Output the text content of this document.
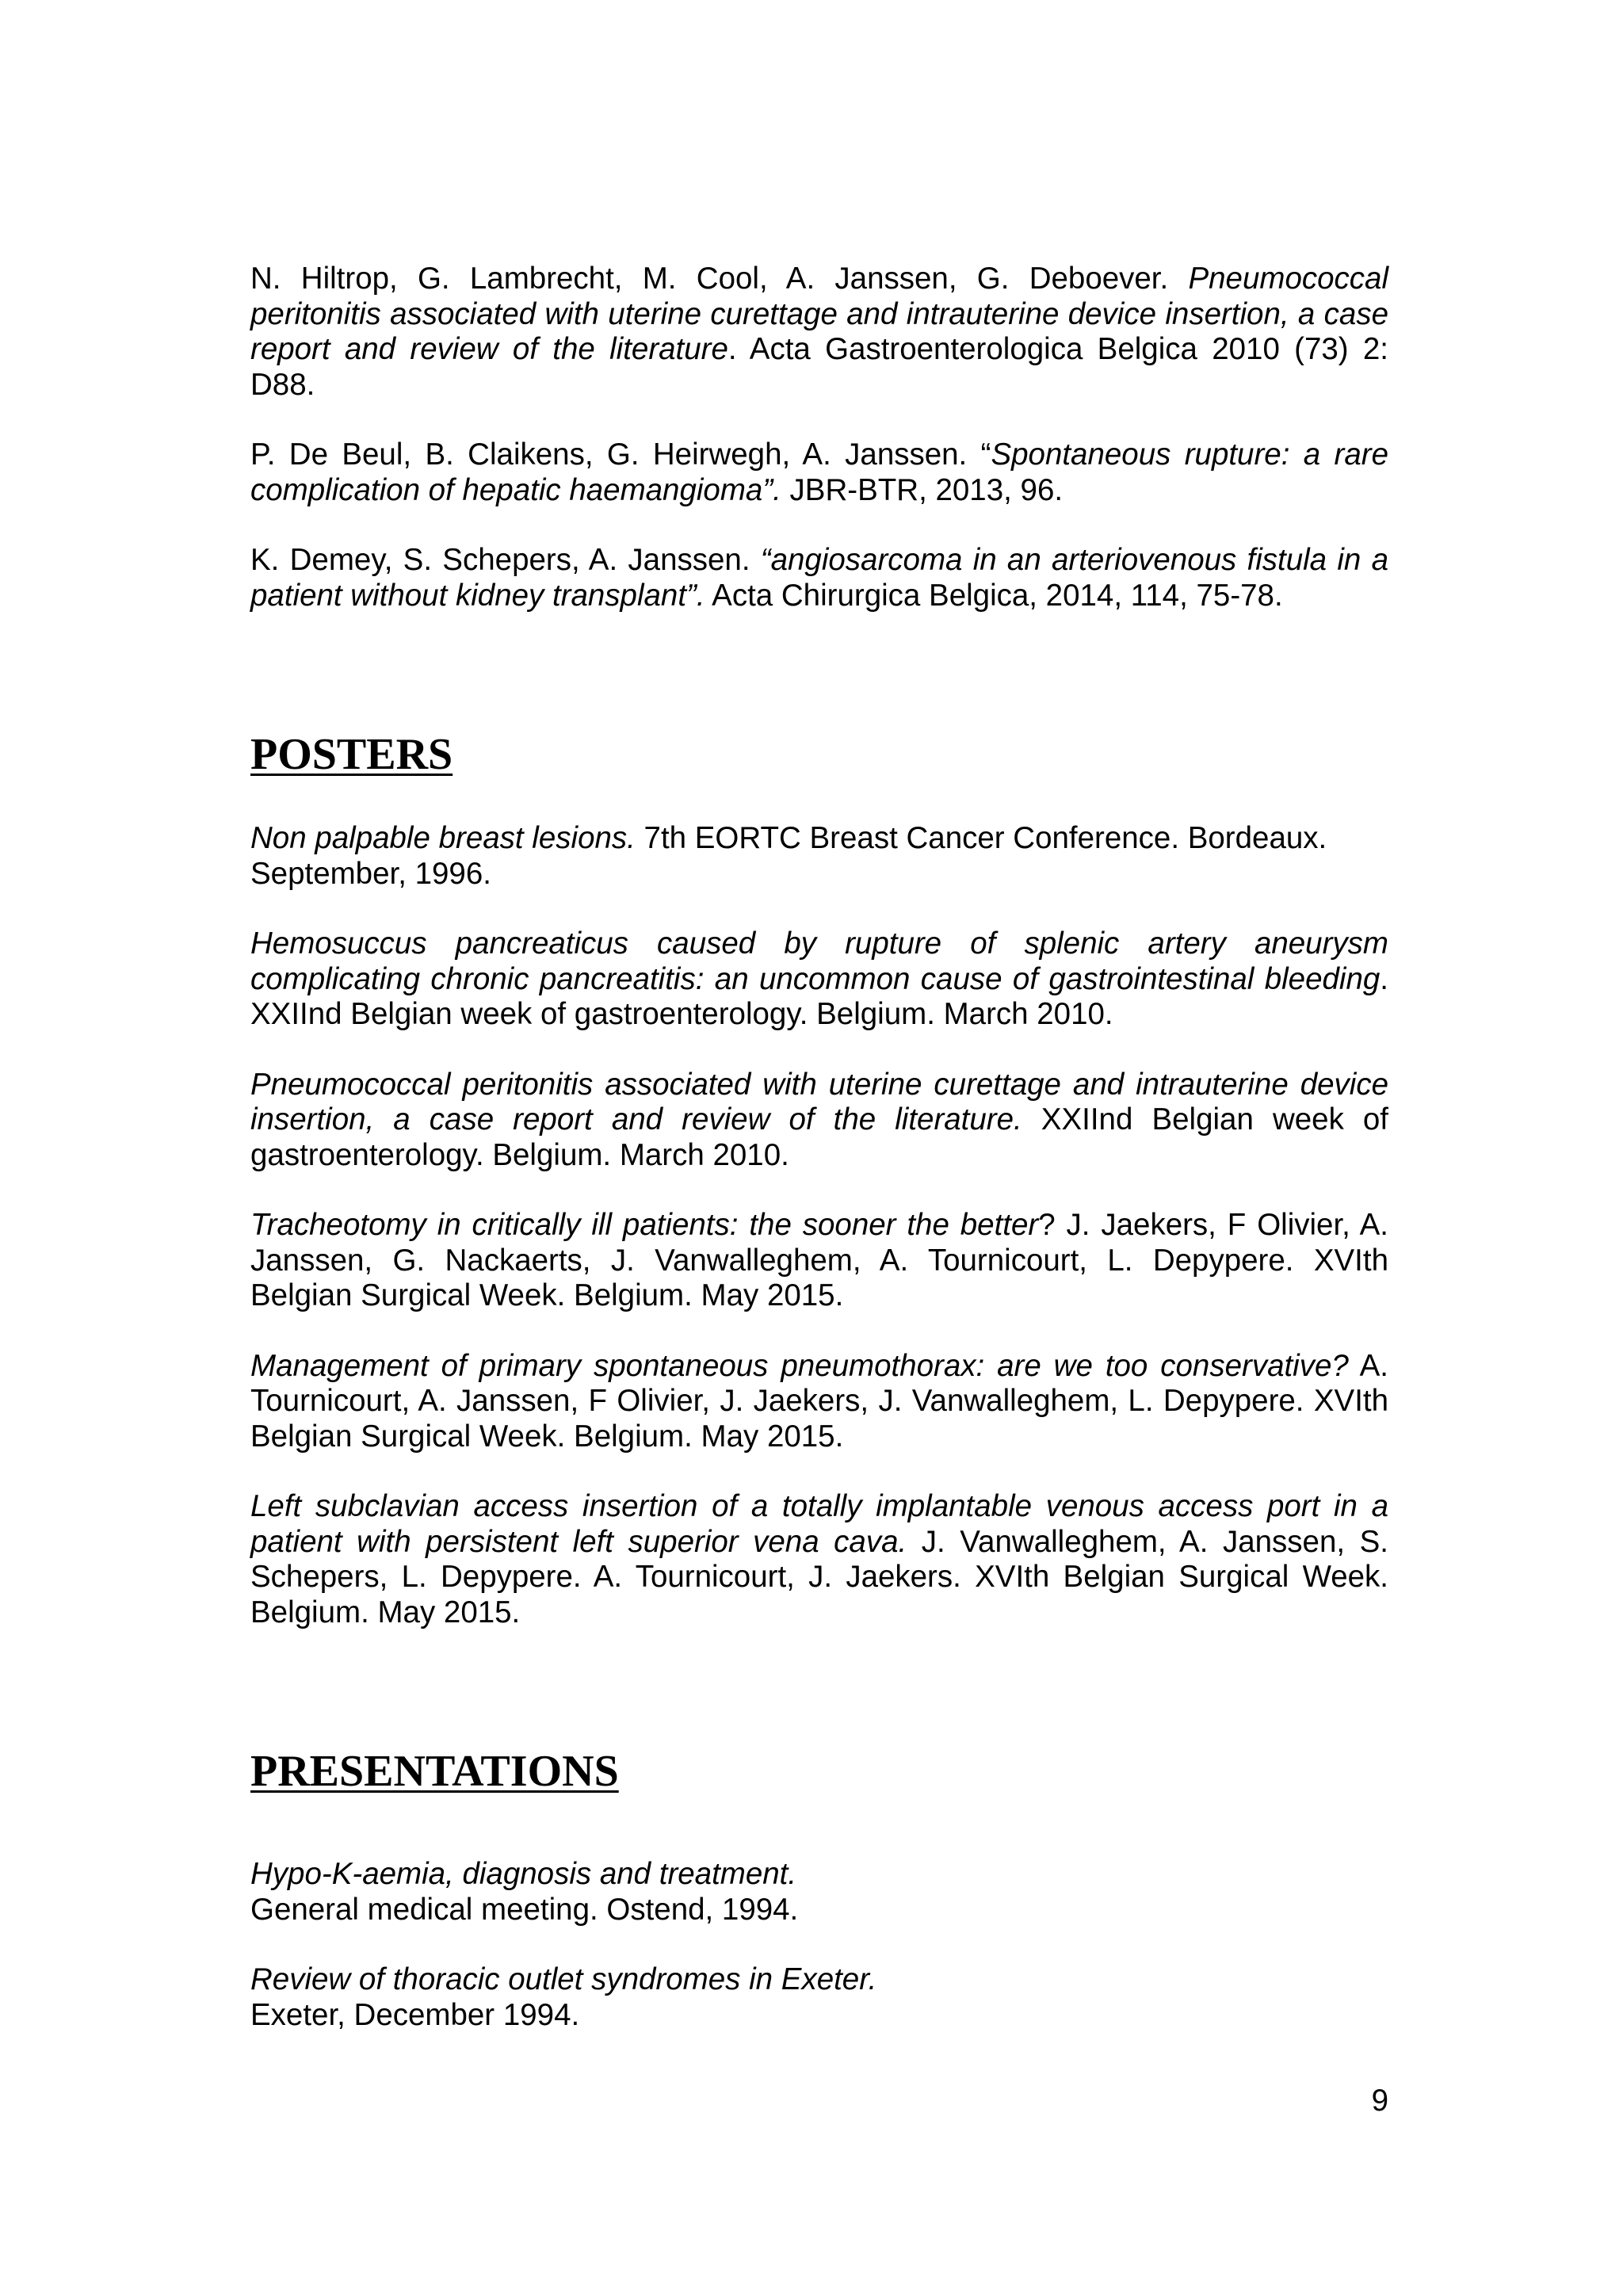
N. Hiltrop, G. Lambrecht, M. Cool, A. Janssen, G. Deboever. Pneumococcal peritonitis associated with uterine curettage and intrauterine device insertion, a case report and review of the literature. Acta Gastroenterologica Belgica 2010 (73) 2: D88.

P. De Beul, B. Claikens, G. Heirwegh, A. Janssen. “Spontaneous rupture: a rare complication of hepatic haemangioma”. JBR-BTR, 2013, 96.

K. Demey, S. Schepers, A. Janssen. “angiosarcoma in an arteriovenous fistula in a patient without kidney transplant”. Acta Chirurgica Belgica, 2014, 114, 75-78.

POSTERS

Non palpable breast lesions. 7th EORTC Breast Cancer Conference. Bordeaux. September, 1996.

Hemosuccus pancreaticus caused by rupture of splenic artery aneurysm complicating chronic pancreatitis: an uncommon cause of gastrointestinal bleeding. XXIInd Belgian week of gastroenterology. Belgium. March 2010.

Pneumococcal peritonitis associated with uterine curettage and intrauterine device insertion, a case report and review of the literature. XXIInd Belgian week of gastroenterology. Belgium. March 2010.

Tracheotomy in critically ill patients: the sooner the better? J. Jaekers, F Olivier, A. Janssen, G. Nackaerts, J. Vanwalleghem, A. Tournicourt, L. Depypere. XVIth Belgian Surgical Week. Belgium. May 2015.

Management of primary spontaneous pneumothorax: are we too conservative? A. Tournicourt, A. Janssen, F Olivier, J. Jaekers, J. Vanwalleghem, L. Depypere. XVIth Belgian Surgical Week. Belgium. May 2015.

Left subclavian access insertion of a totally implantable venous access port in a patient with persistent left superior vena cava. J. Vanwalleghem, A. Janssen, S. Schepers, L. Depypere. A. Tournicourt, J. Jaekers. XVIth Belgian Surgical Week. Belgium. May 2015.

PRESENTATIONS
Hypo-K-aemia, diagnosis and treatment.
General medical meeting. Ostend, 1994.
Review of thoracic outlet syndromes in Exeter.
Exeter, December 1994.
9
